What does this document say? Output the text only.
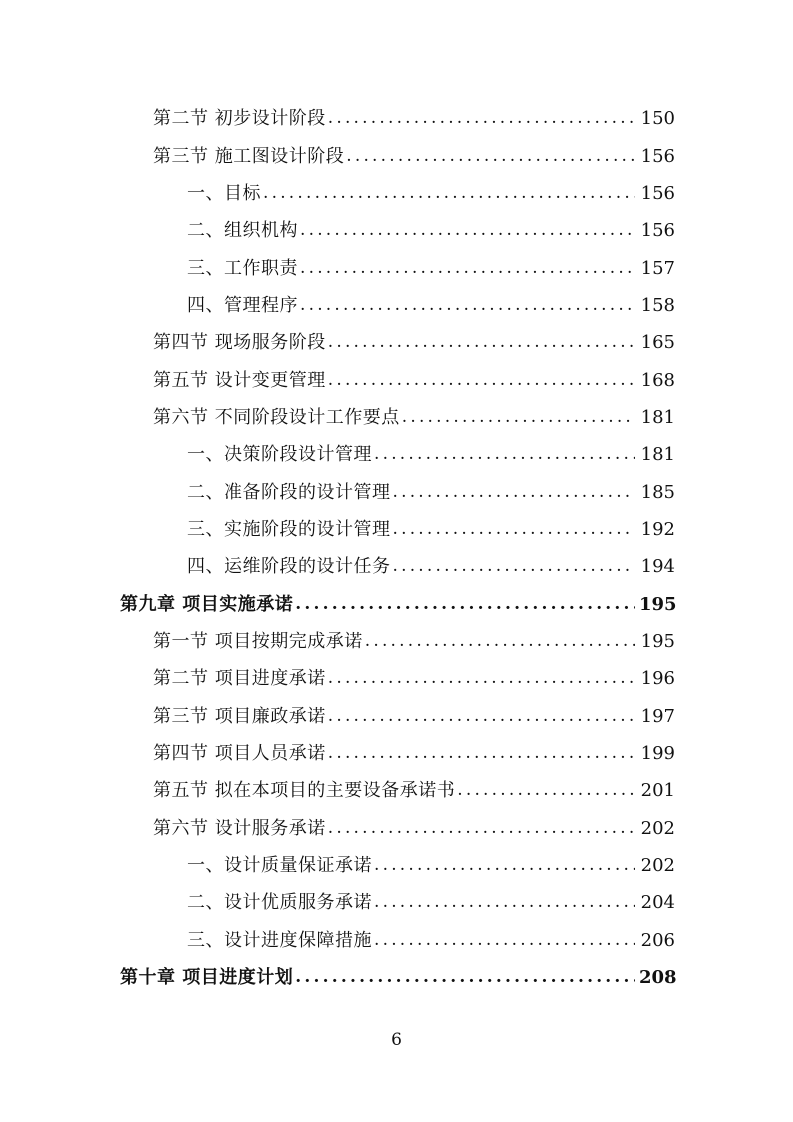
第二节 初步设计阶段 .....	150
第三节 施工图设计阶段 .....	156
一、目标 .....	156
二、组织机构 .....	156
三、工作职责 .....	157
四、管理程序 .....	158
第四节 现场服务阶段 .....	165
第五节 设计变更管理 .....	168
第六节 不同阶段设计工作要点 .....	181
一、决策阶段设计管理 .....	181
二、准备阶段的设计管理 .....	185
三、实施阶段的设计管理 .....	192
四、运维阶段的设计任务 .....	194
第九章 项目实施承诺 .....	195
第一节 项目按期完成承诺 .....	195
第二节 项目进度承诺 .....	196
第三节 项目廉政承诺 .....	197
第四节 项目人员承诺 .....	199
第五节 拟在本项目的主要设备承诺书 .....	201
第六节 设计服务承诺 .....	202
一、设计质量保证承诺 .....	202
二、设计优质服务承诺 .....	204
三、设计进度保障措施 .....	206
第十章 项目进度计划 .....	208
6
